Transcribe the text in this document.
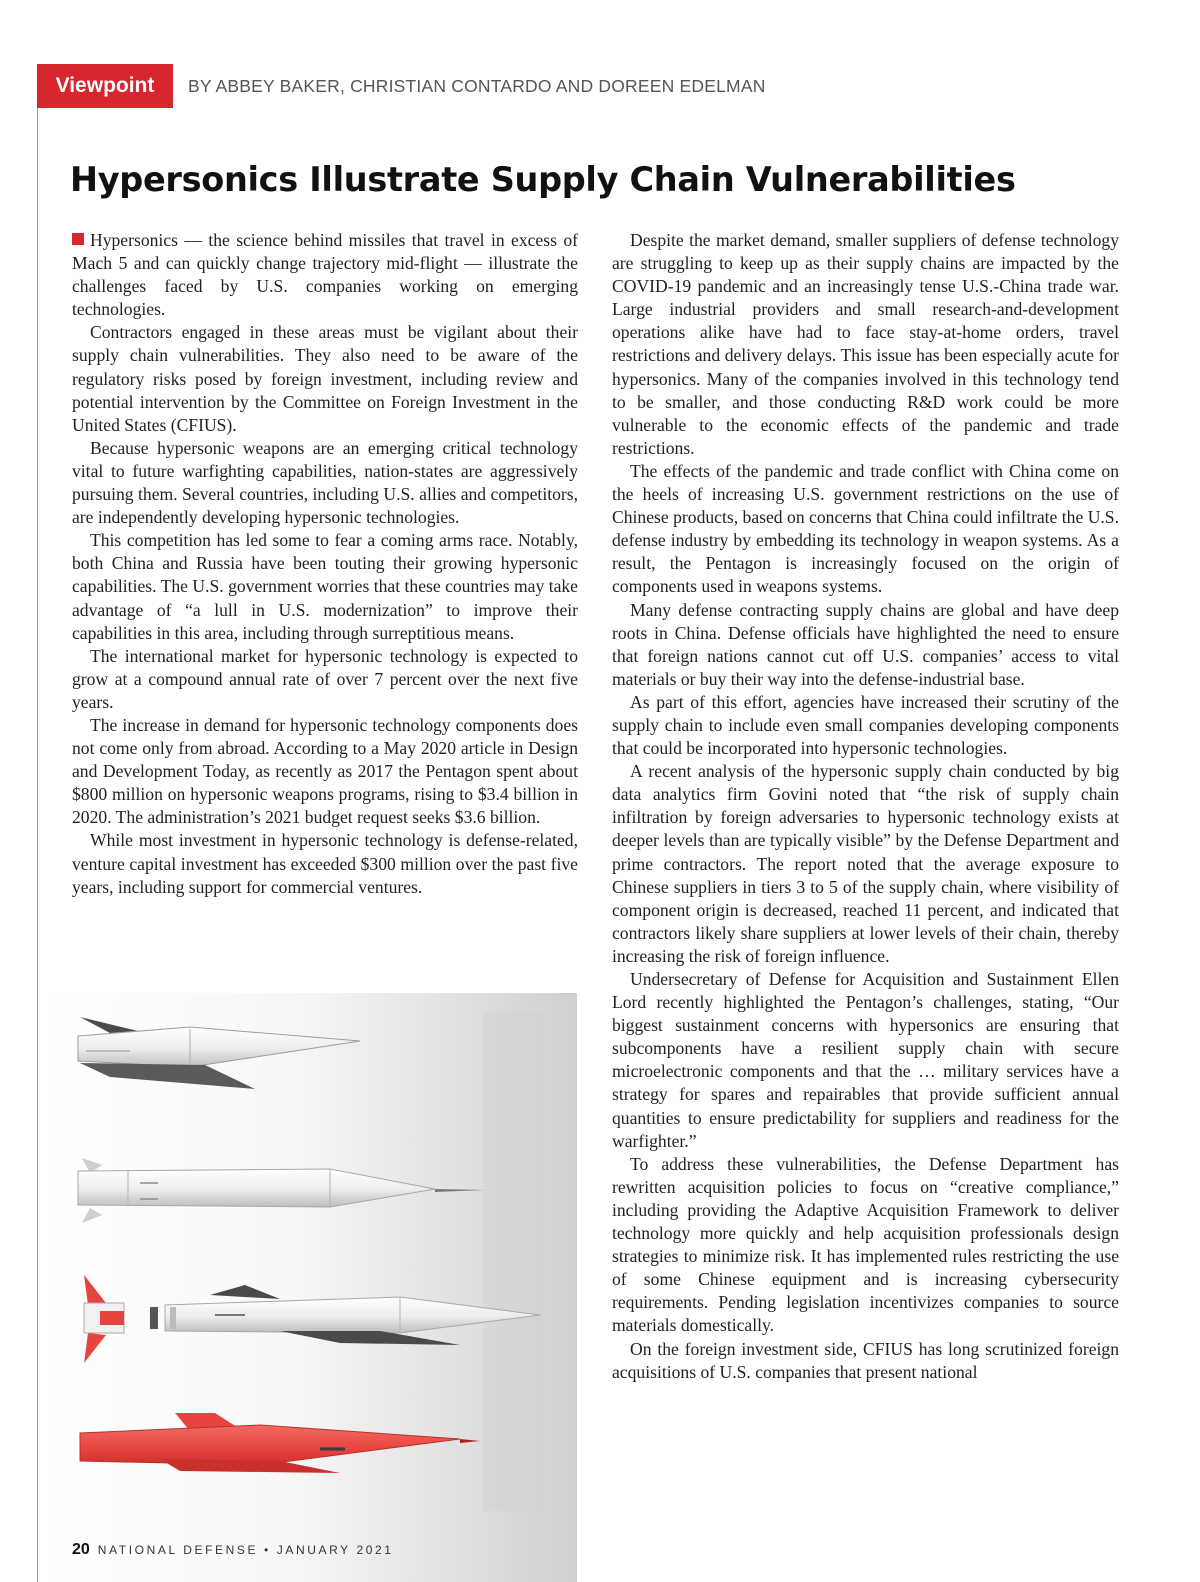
Viewpoint	BY ABBEY BAKER, CHRISTIAN CONTARDO AND DOREEN EDELMAN
Hypersonics Illustrate Supply Chain Vulnerabilities

Hypersonics — the science behind missiles that travel in excess of Mach 5 and can quickly change trajectory mid-flight — illustrate the challenges faced by U.S. companies working on emerging technologies.

Contractors engaged in these areas must be vigilant about their supply chain vulnerabilities. They also need to be aware of the regulatory risks posed by foreign investment, including review and potential intervention by the Committee on Foreign Investment in the United States (CFIUS).

Because hypersonic weapons are an emerging critical technology vital to future warfighting capabilities, nation-states are aggressively pursuing them. Several countries, including U.S. allies and competitors, are independently developing hypersonic technologies.

This competition has led some to fear a coming arms race. Notably, both China and Russia have been touting their growing hypersonic capabilities. The U.S. government worries that these countries may take advantage of “a lull in U.S. modernization” to improve their capabilities in this area, including through surreptitious means.

The international market for hypersonic technology is expected to grow at a compound annual rate of over 7 percent over the next five years.

The increase in demand for hypersonic technology components does not come only from abroad. According to a May 2020 article in Design and Development Today, as recently as 2017 the Pentagon spent about $800 million on hypersonic weapons programs, rising to $3.4 billion in 2020. The administration’s 2021 budget request seeks $3.6 billion.

While most investment in hypersonic technology is defense-related, venture capital investment has exceeded $300 million over the past five years, including support for commercial ventures.

Despite the market demand, smaller suppliers of defense technology are struggling to keep up as their supply chains are impacted by the COVID-19 pandemic and an increasingly tense U.S.-China trade war. Large industrial providers and small research-and-development operations alike have had to face stay-at-home orders, travel restrictions and delivery delays. This issue has been especially acute for hypersonics. Many of the companies involved in this technology tend to be smaller, and those conducting R&D work could be more vulnerable to the economic effects of the pandemic and trade restrictions.

The effects of the pandemic and trade conflict with China come on the heels of increasing U.S. government restrictions on the use of Chinese products, based on concerns that China could infiltrate the U.S. defense industry by embedding its technology in weapon systems. As a result, the Pentagon is increasingly focused on the origin of components used in weapons systems.

Many defense contracting supply chains are global and have deep roots in China. Defense officials have highlighted the need to ensure that foreign nations cannot cut off U.S. companies’ access to vital materials or buy their way into the defense-industrial base.

As part of this effort, agencies have increased their scrutiny of the supply chain to include even small companies developing components that could be incorporated into hypersonic technologies.

A recent analysis of the hypersonic supply chain conducted by big data analytics firm Govini noted that “the risk of supply chain infiltration by foreign adversaries to hypersonic technology exists at deeper levels than are typically visible” by the Defense Department and prime contractors. The report noted that the average exposure to Chinese suppliers in tiers 3 to 5 of the supply chain, where visibility of component origin is decreased, reached 11 percent, and indicated that contractors likely share suppliers at lower levels of their chain, thereby increasing the risk of foreign influence.

Undersecretary of Defense for Acquisition and Sustainment Ellen Lord recently highlighted the Pentagon’s challenges, stating, “Our biggest sustainment concerns with hypersonics are ensuring that subcomponents have a resilient supply chain with secure microelectronic components and that the … military services have a strategy for spares and repairables that provide sufficient annual quantities to ensure predictability for suppliers and readiness for the warfighter.”

To address these vulnerabilities, the Defense Department has rewritten acquisition policies to focus on “creative compliance,” including providing the Adaptive Acquisition Framework to deliver technology more quickly and help acquisition professionals design strategies to minimize risk. It has implemented rules restricting the use of some Chinese equipment and is increasing cybersecurity requirements. Pending legislation incentivizes companies to source materials domestically.

On the foreign investment side, CFIUS has long scrutinized foreign acquisitions of U.S. companies that present national

20 NATIONAL DEFENSE • JANUARY 2021
